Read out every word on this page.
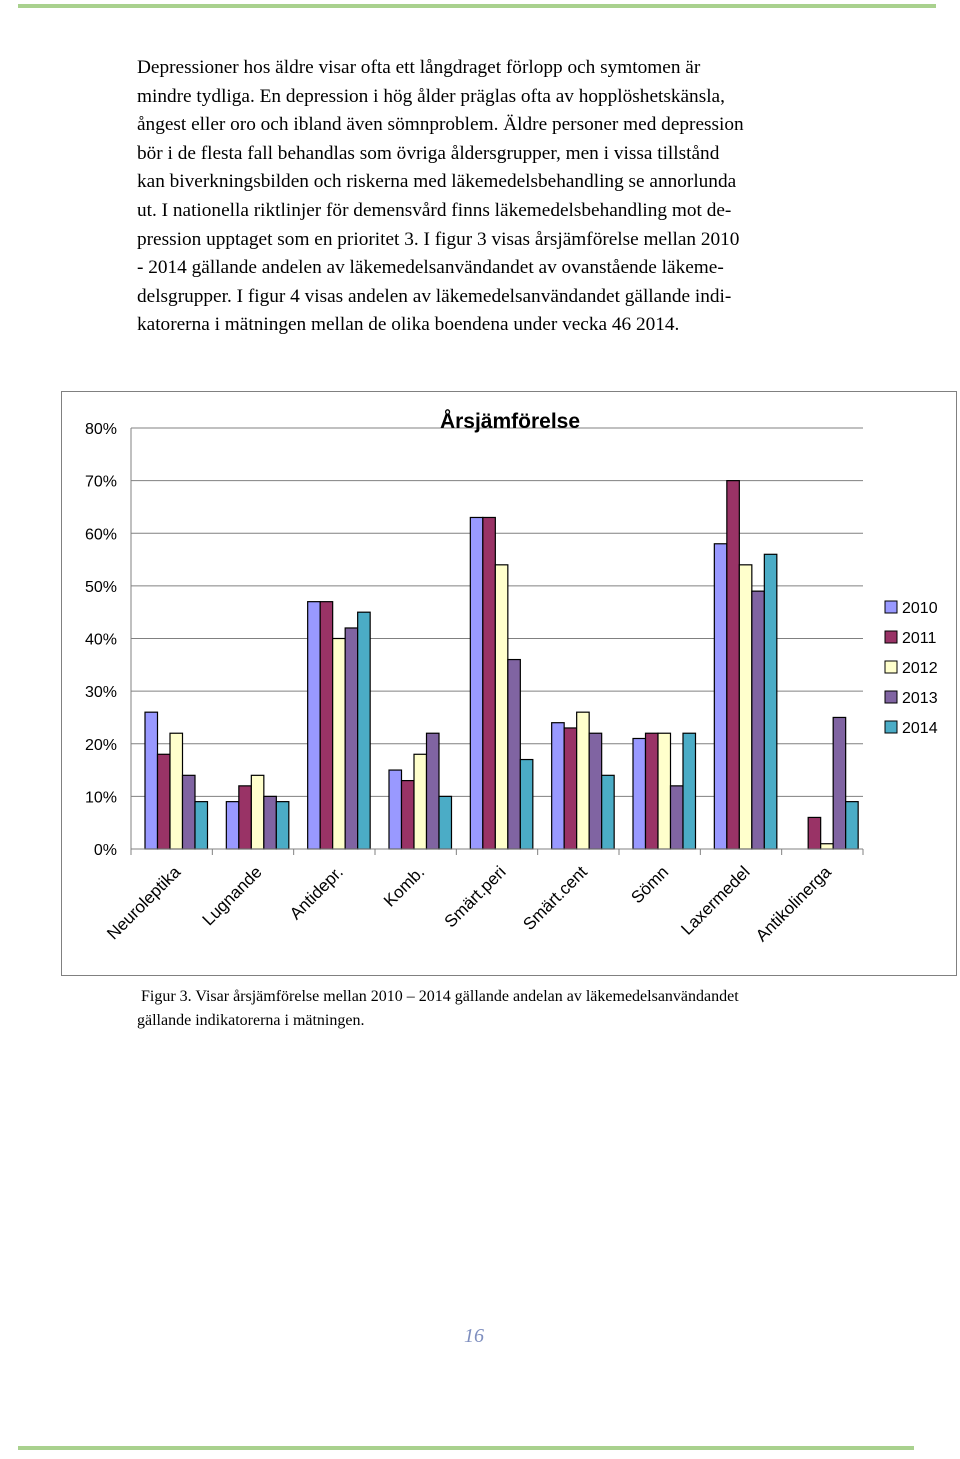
Depressioner hos äldre visar ofta ett långdraget förlopp och symtomen är
mindre tydliga. En depression i hög ålder präglas ofta av hopplöshetskänsla,
ångest eller oro och ibland även sömnproblem. Äldre personer med depression
bör i de flesta fall behandlas som övriga åldersgrupper, men i vissa tillstånd
kan biverkningsbilden och riskerna med läkemedelsbehandling se annorlunda
ut. I nationella riktlinjer för demensvård finns läkemedelsbehandling mot de-
pression upptaget som en prioritet 3. I figur 3 visas årsjämförelse mellan 2010
- 2014 gällande andelen av läkemedelsanvändandet av ovanstående läkeme-
delsgrupper. I figur 4 visas andelen av läkemedelsanvändandet gällande indi-
katorerna i mätningen mellan de olika boendena under vecka 46 2014.

0%
10%
20%
30%
40%
50%
60%
70%
80%
Neuroleptika Lugnande Antidepr. Komb. Smärt.peri Smärt.cent Sömn Laxermedel
Antikolinerga
Årsjämförelse
2010
2011
2012
2013
2014

Figur 3. Visar årsjämförelse mellan 2010 – 2014 gällande andelan av läkemedelsanvändandet
gällande indikatorerna i mätningen.

16
